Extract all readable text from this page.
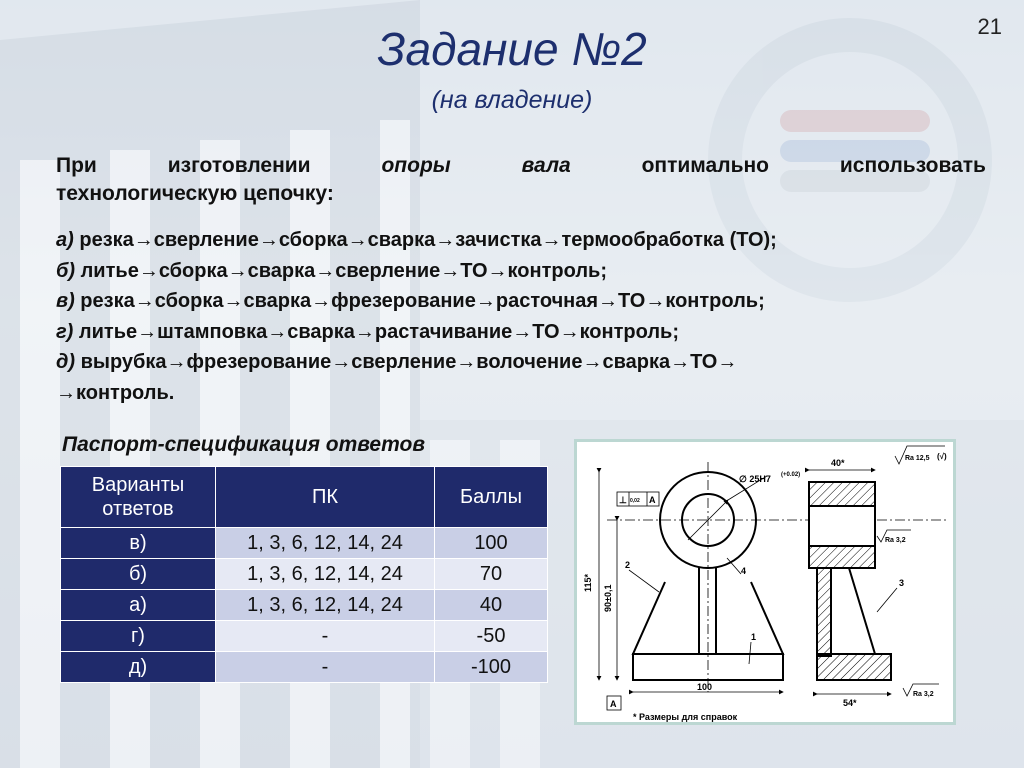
21
Задание №2
(на владение)
При	изготовлении	опоры	вала	оптимально	использовать
технологическую цепочку:
а) резка→сверление→сборка→сварка→зачистка→термообработка (ТО);
б) литье→сборка→сварка→сверление→ТО→контроль;
в) резка→сборка→сварка→фрезерование→расточная→ТО→контроль;
г) литье→штамповка→сварка→растачивание→ТО→контроль;
д) вырубка→фрезерование→сверление→волочение→сварка→ТО→
→контроль.
Паспорт-спецификация ответов
Варианты ответов	ПК	Баллы
в)	1, 3, 6, 12, 14, 24	100
б)	1, 3, 6, 12, 14, 24	70
а)	1, 3, 6, 12, 14, 24	40
г)	-	-50
д)	-	-100
115*
90±0,1
100
∅ 25H7 (+0.02)
40*
54*
⊥ 0,02 A
A
Ra 12,5 (√)
Ra 3,2
Ra 3,2
1
2
3
4
* Размеры для справок
